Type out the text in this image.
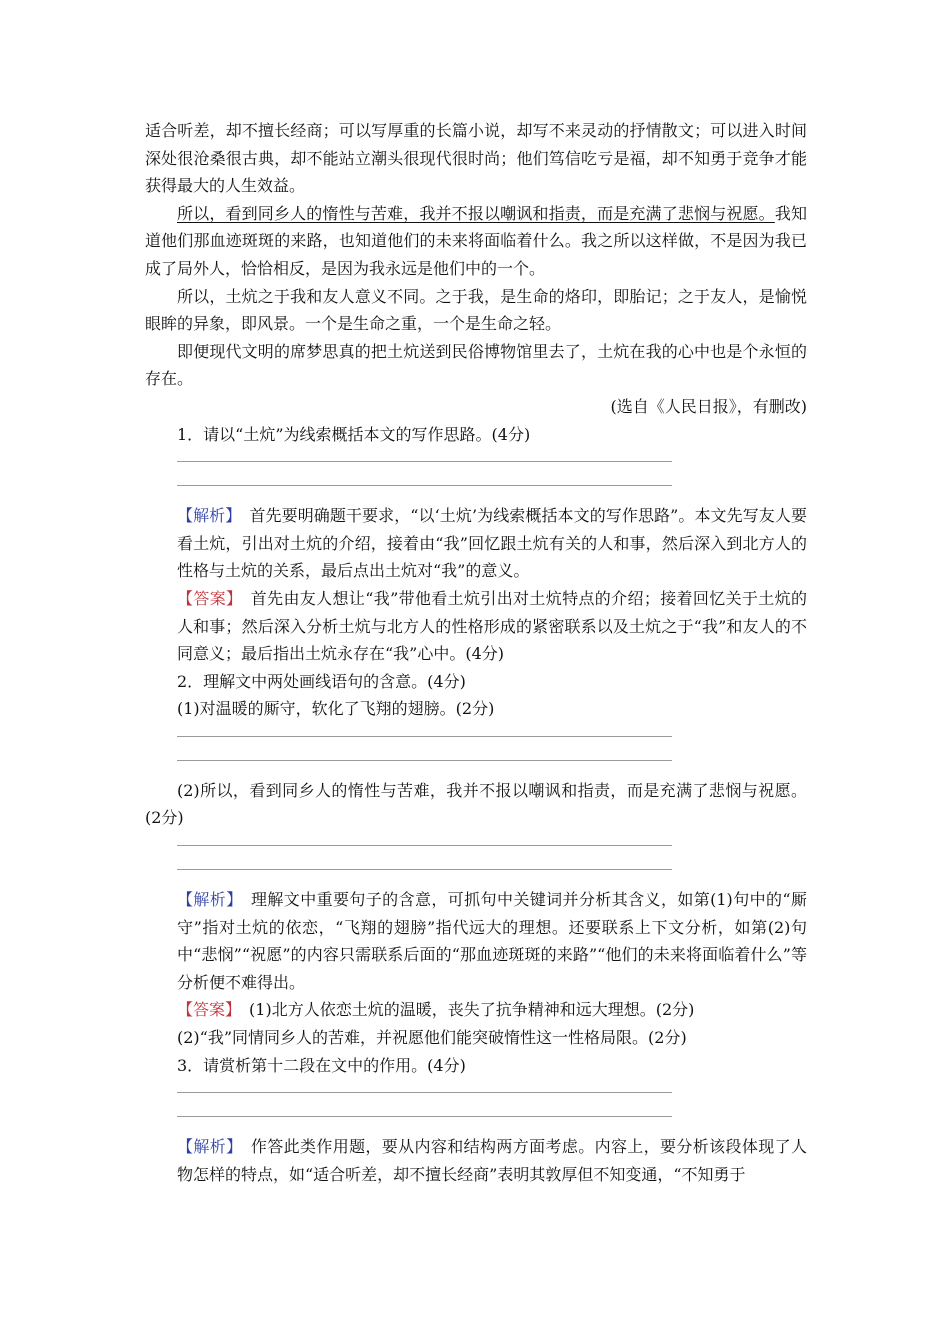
适合听差，却不擅长经商；可以写厚重的长篇小说，却写不来灵动的抒情散文；可以进入时间深处很沧桑很古典，却不能站立潮头很现代很时尚；他们笃信吃亏是福，却不知勇于竞争才能获得最大的人生效益。

所以，看到同乡人的惰性与苦难，我并不报以嘲讽和指责，而是充满了悲悯与祝愿。我知道他们那血迹斑斑的来路，也知道他们的未来将面临着什么。我之所以这样做，不是因为我已成了局外人，恰恰相反，是因为我永远是他们中的一个。

所以，土炕之于我和友人意义不同。之于我，是生命的烙印，即胎记；之于友人，是愉悦眼眸的异象，即风景。一个是生命之重，一个是生命之轻。

即便现代文明的席梦思真的把土炕送到民俗博物馆里去了，土炕在我的心中也是个永恒的存在。

(选自《人民日报》，有删改)

1．请以“土炕”为线索概括本文的写作思路。(4分)

【解析】　 首先要明确题干要求，“以‘土炕’为线索概括本文的写作思路”。本文先写友人要看土炕，引出对土炕的介绍，接着由“我”回忆跟土炕有关的人和事，然后深入到北方人的性格与土炕的关系，最后点出土炕对“我”的意义。

【答案】　 首先由友人想让“我”带他看土炕引出对土炕特点的介绍；接着回忆关于土炕的人和事；然后深入分析土炕与北方人的性格形成的紧密联系以及土炕之于“我”和友人的不同意义；最后指出土炕永存在“我”心中。(4分)

2．理解文中两处画线语句的含意。(4分)

(1)对温暖的厮守，软化了飞翔的翅膀。(2分)

(2)所以，看到同乡人的惰性与苦难，我并不报以嘲讽和指责，而是充满了悲悯与祝愿。(2分)

【解析】　 理解文中重要句子的含意，可抓句中关键词并分析其含义，如第(1)句中的“厮守”指对土炕的依恋，“飞翔的翅膀”指代远大的理想。还要联系上下文分析，如第(2)句中“悲悯”“祝愿”的内容只需联系后面的“那血迹斑斑的来路”“他们的未来将面临着什么”等分析便不难得出。

【答案】　 (1)北方人依恋土炕的温暖，丧失了抗争精神和远大理想。(2分)

(2)“我”同情同乡人的苦难，并祝愿他们能突破惰性这一性格局限。(2分)

3．请赏析第十二段在文中的作用。(4分)

【解析】　 作答此类作用题，要从内容和结构两方面考虑。内容上，要分析该段体现了人物怎样的特点，如“适合听差，却不擅长经商”表明其敦厚但不知变通，“不知勇于
